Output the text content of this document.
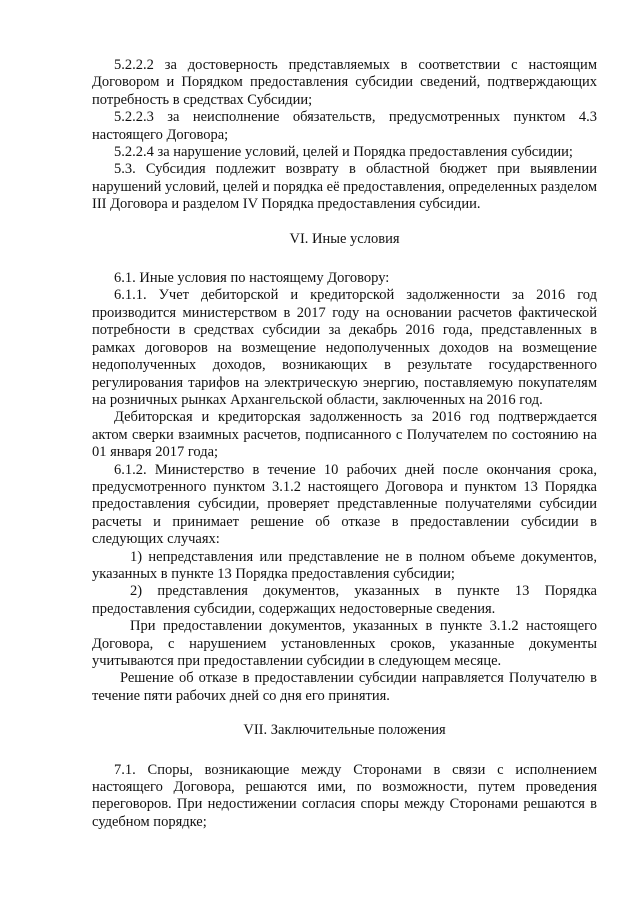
5.2.2.2 за достоверность представляемых в соответствии с настоящим Договором и Порядком предоставления субсидии сведений, подтверждающих потребность в средствах Субсидии;

5.2.2.3 за неисполнение обязательств, предусмотренных пунктом 4.3 настоящего Договора;

5.2.2.4 за нарушение условий, целей и Порядка предоставления субсидии;

5.3. Субсидия подлежит возврату в областной бюджет при выявлении нарушений условий, целей и порядка её предоставления, определенных разделом III Договора и разделом IV Порядка предоставления субсидии.

VI. Иные условия

6.1. Иные условия по настоящему Договору:

6.1.1. Учет дебиторской и кредиторской задолженности за 2016 год производится министерством в 2017 году на основании расчетов фактической потребности в средствах субсидии за декабрь 2016 года, представленных в рамках договоров на возмещение недополученных доходов на возмещение недополученных доходов, возникающих в результате государственного регулирования тарифов на электрическую энергию, поставляемую покупателям на розничных рынках Архангельской области, заключенных на 2016 год.

Дебиторская и кредиторская задолженность за 2016 год подтверждается актом сверки взаимных расчетов, подписанного с Получателем по состоянию на 01 января 2017 года;

6.1.2. Министерство в течение 10 рабочих дней после окончания срока, предусмотренного пунктом 3.1.2 настоящего Договора и пунктом 13 Порядка предоставления субсидии, проверяет представленные получателями субсидии расчеты и принимает решение об отказе в предоставлении субсидии в следующих случаях:

1) непредставления или представление не в полном объеме документов, указанных в пункте 13 Порядка предоставления субсидии;

2) представления документов, указанных в пункте 13 Порядка предоставления субсидии, содержащих недостоверные сведения.

При предоставлении документов, указанных в пункте 3.1.2 настоящего Договора, с нарушением установленных сроков, указанные документы учитываются при предоставлении субсидии в следующем месяце.

Решение об отказе в предоставлении субсидии направляется Получателю в течение пяти рабочих дней со дня его принятия.

VII. Заключительные положения

7.1. Споры, возникающие между Сторонами в связи с исполнением настоящего Договора, решаются ими, по возможности, путем проведения переговоров. При недостижении согласия споры между Сторонами решаются в судебном порядке;
